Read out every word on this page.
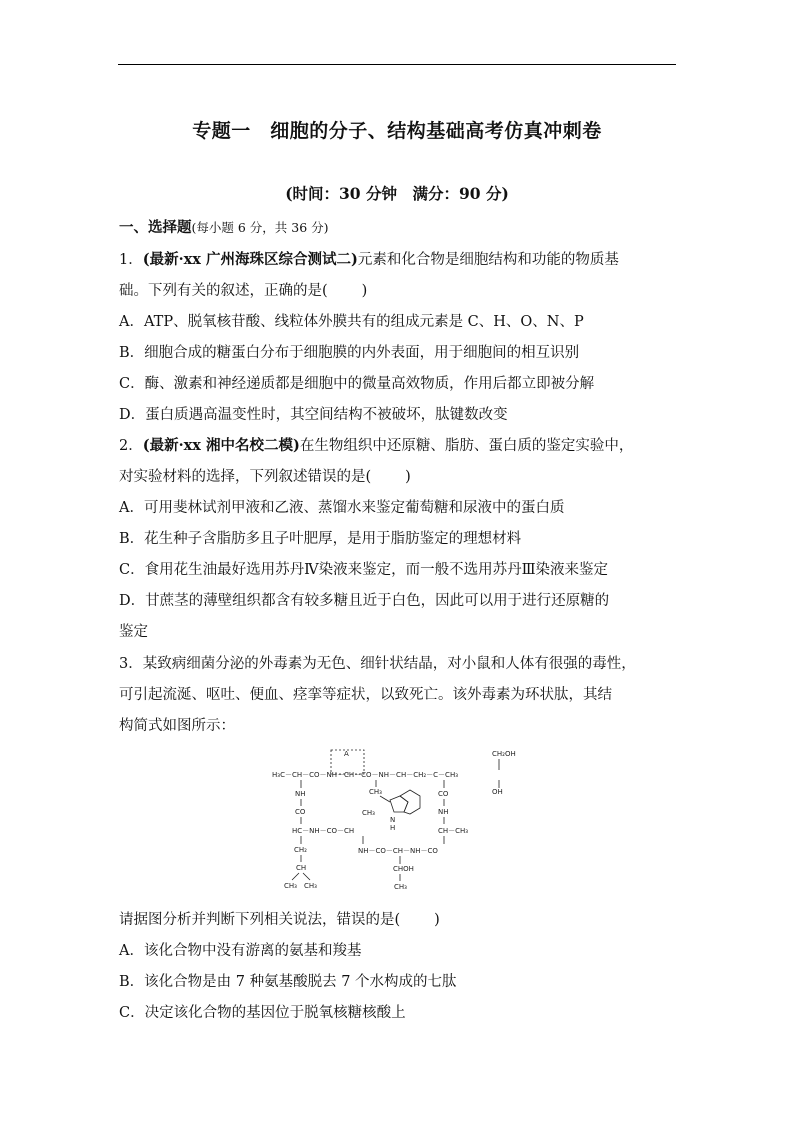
专题一　细胞的分子、结构基础高考仿真冲刺卷
(时间：30 分钟　满分：90 分)
一、选择题(每小题 6 分，共 36 分)
1．(最新·xx 广州海珠区综合测试二)元素和化合物是细胞结构和功能的物质基
础。下列有关的叙述，正确的是( )
A．ATP、脱氧核苷酸、线粒体外膜共有的组成元素是 C、H、O、N、P
B．细胞合成的糖蛋白分布于细胞膜的内外表面，用于细胞间的相互识别
C．酶、激素和神经递质都是细胞中的微量高效物质，作用后都立即被分解
D．蛋白质遇高温变性时，其空间结构不被破坏，肽键数改变
2．(最新·xx 湘中名校二模)在生物组织中还原糖、脂肪、蛋白质的鉴定实验中，
对实验材料的选择，下列叙述错误的是( )
A．可用斐林试剂甲液和乙液、蒸馏水来鉴定葡萄糖和尿液中的蛋白质
B．花生种子含脂肪多且子叶肥厚，是用于脂肪鉴定的理想材料
C．食用花生油最好选用苏丹Ⅳ染液来鉴定，而一般不选用苏丹Ⅲ染液来鉴定
D．甘蔗茎的薄壁组织都含有较多糖且近于白色，因此可以用于进行还原糖的
鉴定
3．某致病细菌分泌的外毒素为无色、细针状结晶，对小鼠和人体有很强的毒性，
可引起流涎、呕吐、便血、痉挛等症状，以致死亡。该外毒素为环状肽，其结
构简式如图所示：
A	CH₂OH
H₃C－CH－CO－NH－CH－CO－NH－CH－CH₂－C－CH₃
OH
NH
CO
HC－NH－CO－CH
CH₂
CH
CH₃ CH₃
CH₃
N
H
CH₃
NH－CO－CH－NH－CO
CHOH
CH₃
CO
NH
CH－CH₃
请据图分析并判断下列相关说法，错误的是( )
A．该化合物中没有游离的氨基和羧基
B．该化合物是由 7 种氨基酸脱去 7 个水构成的七肽
C．决定该化合物的基因位于脱氧核糖核酸上
